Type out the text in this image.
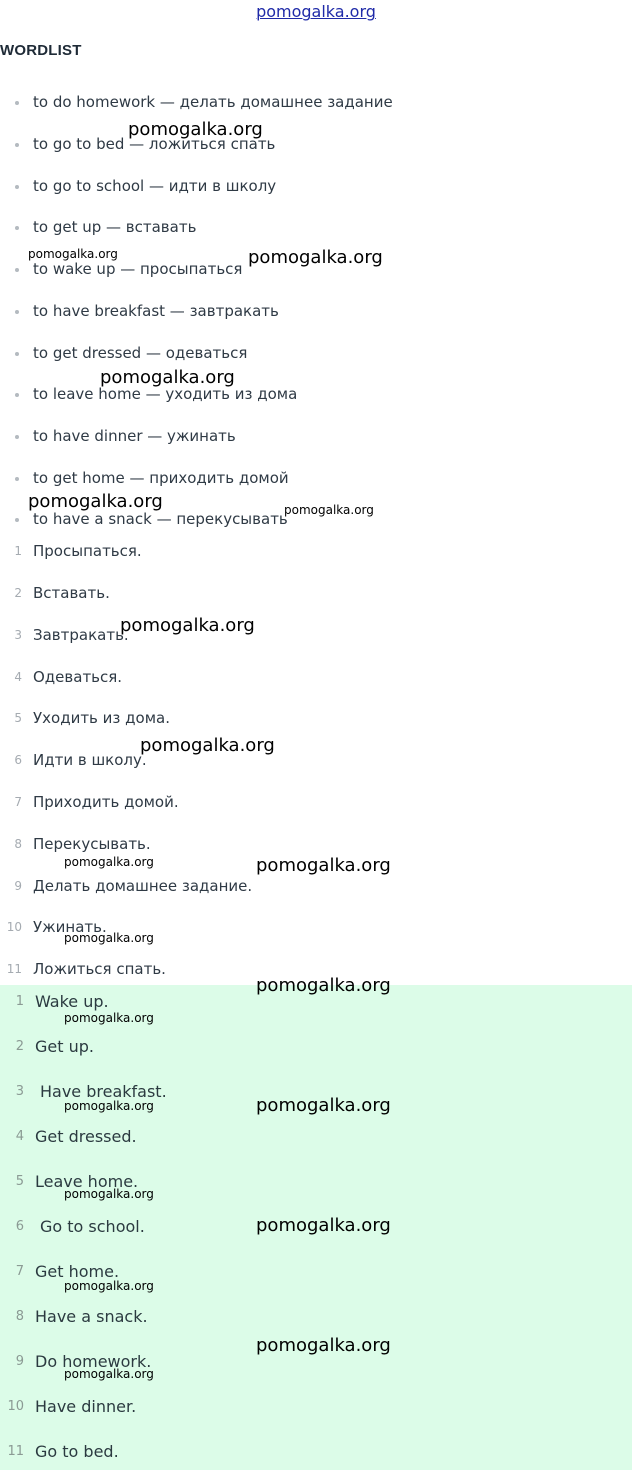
pomogalka.org
WORDLIST
to do homework — делать домашнее задание
to go to bed — ложиться спать
to go to school — идти в школу
to get up — вставать
to wake up — просыпаться
to have breakfast — завтракать
to get dressed — одеваться
to leave home — уходить из дома
to have dinner — ужинать
to get home — приходить домой
to have a snack — перекусывать
1 Просыпаться.
2 Вставать.
3 Завтракать.
4 Одеваться.
5 Уходить из дома.
6 Идти в школу.
7 Приходить домой.
8 Перекусывать.
9 Делать домашнее задание.
10 Ужинать.
11 Ложиться спать.
1 Wake up.
2 Get up.
3 Have breakfast.
4 Get dressed.
5 Leave home.
6 Go to school.
7 Get home.
8 Have a snack.
9 Do homework.
10 Have dinner.
11 Go to bed.
pomogalka.org
pomogalka.org	pomogalka.org
pomogalka.org
pomogalka.org	pomogalka.org
pomogalka.org
pomogalka.org
pomogalka.org	pomogalka.org
pomogalka.org
pomogalka.org
pomogalka.org
pomogalka.org	pomogalka.org
pomogalka.org
pomogalka.org
pomogalka.org
pomogalka.org
pomogalka.org
